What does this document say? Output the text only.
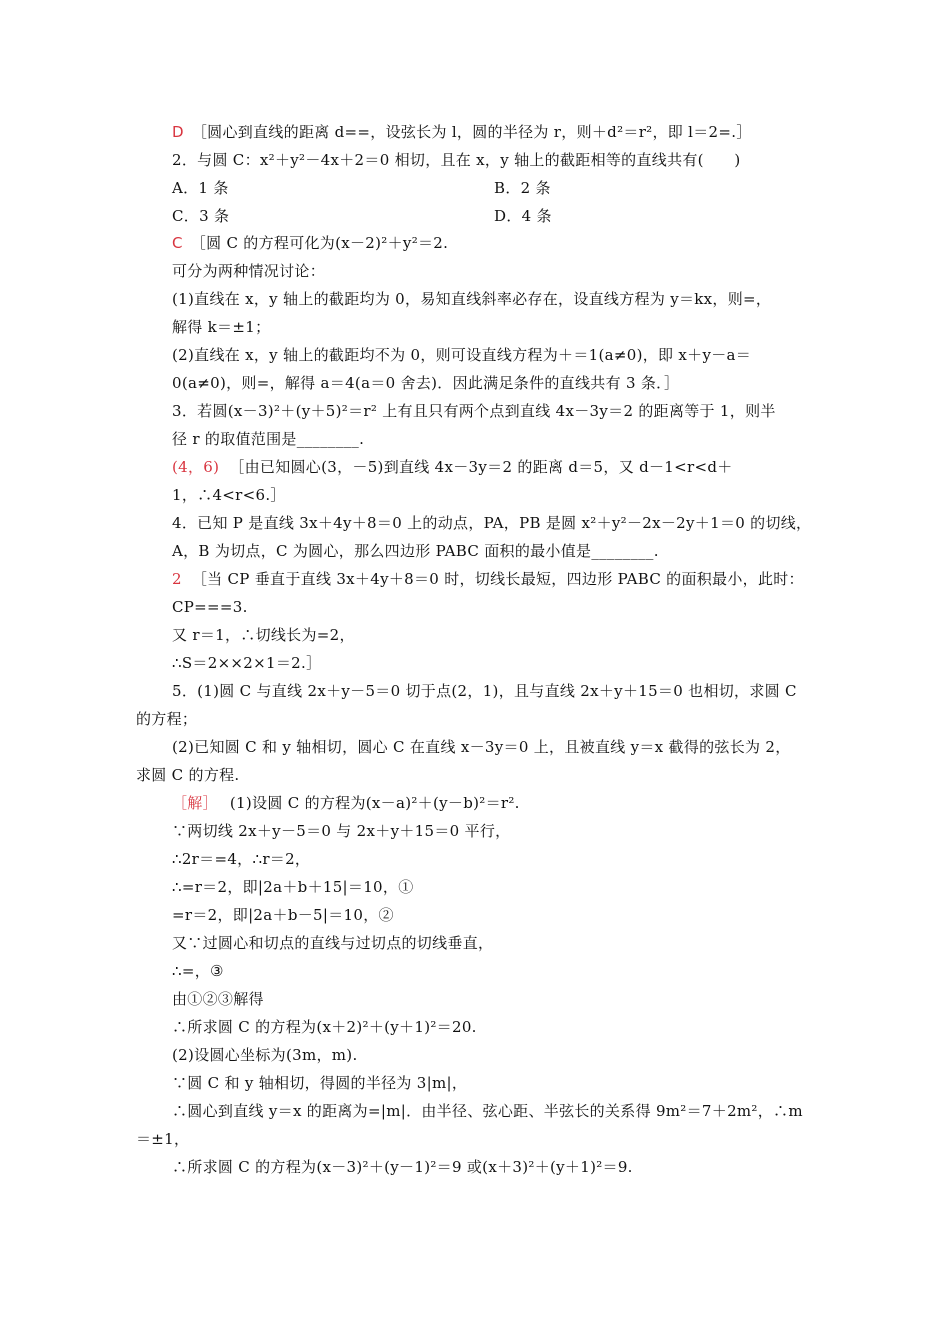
D ［圆心到直线的距离 d==，设弦长为 l，圆的半径为 r，则＋d²＝r²，即 l＝2=.］
2．与圆 C：x²＋y²－4x＋2＝0 相切，且在 x，y 轴上的截距相等的直线共有(　　)
C ［圆 C 的方程可化为(x－2)²＋y²＝2.
可分为两种情况讨论：
(1)直线在 x，y 轴上的截距均为 0，易知直线斜率必存在，设直线方程为 y＝kx，则=，
解得 k＝±1；
(2)直线在 x，y 轴上的截距均不为 0，则可设直线方程为＋＝1(a≠0)，即 x＋y－a＝
0(a≠0)，则=，解得 a＝4(a＝0 舍去)．因此满足条件的直线共有 3 条．］
3．若圆(x－3)²＋(y＋5)²＝r² 上有且只有两个点到直线 4x－3y＝2 的距离等于 1，则半
径 r 的取值范围是________.
(4，6) ［由已知圆心(3，－5)到直线 4x－3y＝2 的距离 d＝5，又 d－1<r<d＋
1，∴4<r<6.］
4．已知 P 是直线 3x＋4y＋8＝0 上的动点，PA，PB 是圆 x²＋y²－2x－2y＋1＝0 的切线，
A，B 为切点，C 为圆心，那么四边形 PABC 面积的最小值是________.
2 ［当 CP 垂直于直线 3x＋4y＋8＝0 时，切线长最短，四边形 PABC 的面积最小，此时：
CP===3.
又 r＝1，∴切线长为=2，
∴S＝2××2×1＝2.］
5．(1)圆 C 与直线 2x＋y－5＝0 切于点(2，1)，且与直线 2x＋y＋15＝0 也相切，求圆 C
的方程；
(2)已知圆 C 和 y 轴相切，圆心 C 在直线 x－3y＝0 上，且被直线 y＝x 截得的弦长为 2，
求圆 C 的方程.
［解］ (1)设圆 C 的方程为(x－a)²＋(y－b)²＝r².
∵两切线 2x＋y－5＝0 与 2x＋y＋15＝0 平行，
∴2r＝=4，∴r＝2，
∴=r＝2，即|2a＋b＋15|＝10，①
=r＝2，即|2a＋b－5|＝10，②
又∵过圆心和切点的直线与过切点的切线垂直，
∴=，③
由①②③解得
∴所求圆 C 的方程为(x＋2)²＋(y＋1)²＝20.
(2)设圆心坐标为(3m，m).
∵圆 C 和 y 轴相切，得圆的半径为 3|m|，
∴圆心到直线 y＝x 的距离为=|m|．由半径、弦心距、半弦长的关系得 9m²＝7＋2m²，∴m
＝±1，
∴所求圆 C 的方程为(x－3)²＋(y－1)²＝9 或(x＋3)²＋(y＋1)²＝9.
A．1 条	B．2 条
C．3 条	D．4 条
